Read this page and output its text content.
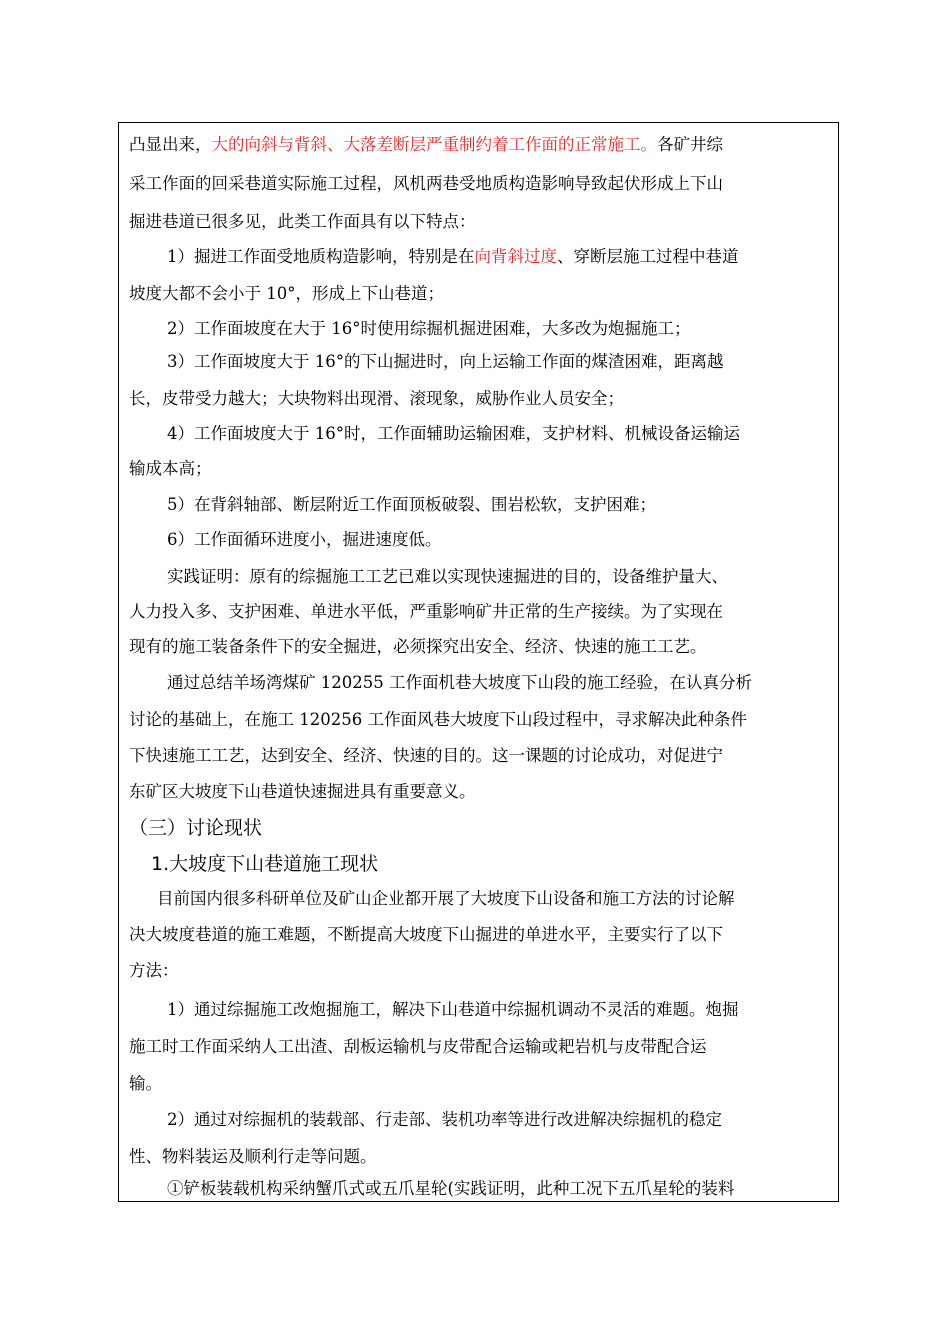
凸显出来，大的向斜与背斜、大落差断层严重制约着工作面的正常施工。各矿井综
采工作面的回采巷道实际施工过程，风机两巷受地质构造影响导致起伏形成上下山
掘进巷道已很多见，此类工作面具有以下特点：
1）掘进工作面受地质构造影响，特别是在向背斜过度、穿断层施工过程中巷道
坡度大都不会小于 10°，形成上下山巷道；
2）工作面坡度在大于 16°时使用综掘机掘进困难，大多改为炮掘施工；
3）工作面坡度大于 16°的下山掘进时，向上运输工作面的煤渣困难，距离越
长，皮带受力越大；大块物料出现滑、滚现象，威胁作业人员安全；
4）工作面坡度大于 16°时，工作面辅助运输困难，支护材料、机械设备运输运
输成本高；
5）在背斜轴部、断层附近工作面顶板破裂、围岩松软，支护困难；
6）工作面循环进度小，掘进速度低。
实践证明：原有的综掘施工工艺已难以实现快速掘进的目的，设备维护量大、
人力投入多、支护困难、单进水平低，严重影响矿井正常的生产接续。为了实现在
现有的施工装备条件下的安全掘进，必须探究出安全、经济、快速的施工工艺。
通过总结羊场湾煤矿 120255 工作面机巷大坡度下山段的施工经验，在认真分析
讨论的基础上，在施工 120256 工作面风巷大坡度下山段过程中，寻求解决此种条件
下快速施工工艺，达到安全、经济、快速的目的。这一课题的讨论成功，对促进宁
东矿区大坡度下山巷道快速掘进具有重要意义。
（三）讨论现状
1.大坡度下山巷道施工现状
目前国内很多科研单位及矿山企业都开展了大坡度下山设备和施工方法的讨论解
决大坡度巷道的施工难题，不断提高大坡度下山掘进的单进水平，主要实行了以下
方法：
1）通过综掘施工改炮掘施工，解决下山巷道中综掘机调动不灵活的难题。炮掘
施工时工作面采纳人工出渣、刮板运输机与皮带配合运输或耙岩机与皮带配合运
输。
2）通过对综掘机的装载部、行走部、装机功率等进行改进解决综掘机的稳定
性、物料装运及顺利行走等问题。
①铲板装载机构采纳蟹爪式或五爪星轮(实践证明，此种工况下五爪星轮的装料
